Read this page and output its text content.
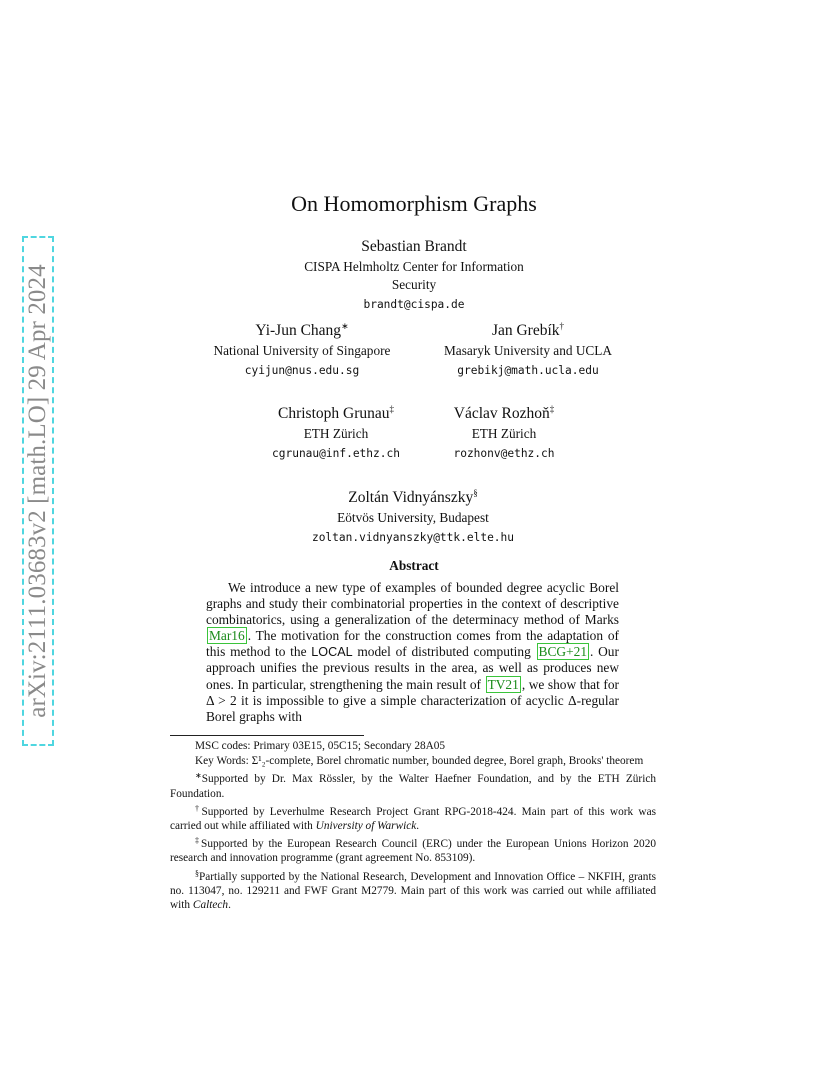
arXiv:2111.03683v2 [math.LO] 29 Apr 2024
On Homomorphism Graphs
Sebastian Brandt
CISPA Helmholtz Center for Information Security
brandt@cispa.de
Yi-Jun Chang∗
National University of Singapore
cyijun@nus.edu.sg
Jan Grebík†
Masaryk University and UCLA
grebikj@math.ucla.edu
Christoph Grunau‡
ETH Zürich
cgrunau@inf.ethz.ch
Václav Rozhoň‡
ETH Zürich
rozhonv@ethz.ch
Zoltán Vidnyánszky§
Eötvös University, Budapest
zoltan.vidnyanszky@ttk.elte.hu
Abstract
We introduce a new type of examples of bounded degree acyclic Borel graphs and study their combinatorial properties in the context of descriptive combinatorics, using a generalization of the determinacy method of Marks Mar16 . The motivation for the construction comes from the adaptation of this method to the LOCAL model of distributed computing BCG+21 . Our approach unifies the previous results in the area, as well as produces new ones. In particular, strengthening the main result of TV21 , we show that for Δ > 2 it is impossible to give a simple characterization of acyclic Δ-regular Borel graphs with

MSC codes: Primary 03E15, 05C15; Secondary 28A05

Key Words: Σ¹₂-complete, Borel chromatic number, bounded degree, Borel graph, Brooks' theorem

∗Supported by Dr. Max Rössler, by the Walter Haefner Foundation, and by the ETH Zürich Foundation.

†Supported by Leverhulme Research Project Grant RPG-2018-424. Main part of this work was carried out while affiliated with University of Warwick.

‡Supported by the European Research Council (ERC) under the European Unions Horizon 2020 research and innovation programme (grant agreement No. 853109).

§Partially supported by the National Research, Development and Innovation Office – NKFIH, grants no. 113047, no. 129211 and FWF Grant M2779. Main part of this work was carried out while affiliated with Caltech.
